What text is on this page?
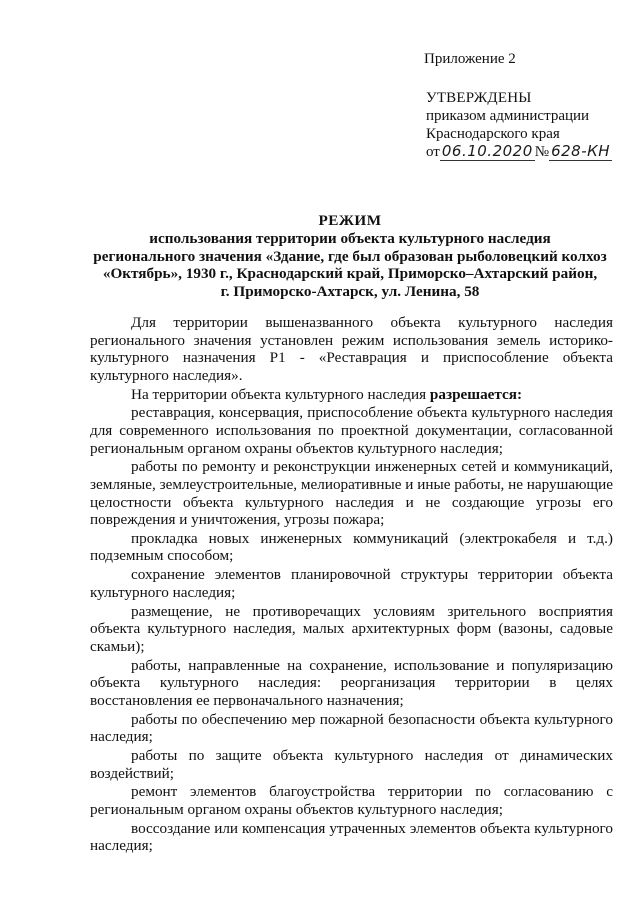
Приложение 2
УТВЕРЖДЕНЫ
приказом администрации
Краснодарского края
от 06.10.2020 № 628-КН
РЕЖИМ
использования территории объекта культурного наследия
регионального значения «Здание, где был образован рыболовецкий колхоз
«Октябрь», 1930 г., Краснодарский край, Приморско–Ахтарский район,
г. Приморско-Ахтарск, ул. Ленина, 58

Для территории вышеназванного объекта культурного наследия регионального значения установлен режим использования земель историко-культурного назначения Р1 - «Реставрация и приспособление объекта культурного наследия».

На территории объекта культурного наследия разрешается:

реставрация, консервация, приспособление объекта культурного наследия для современного использования по проектной документации, согласованной региональным органом охраны объектов культурного наследия;

работы по ремонту и реконструкции инженерных сетей и коммуникаций, земляные, землеустроительные, мелиоративные и иные работы, не нарушающие целостности объекта культурного наследия и не создающие угрозы его повреждения и уничтожения, угрозы пожара;

прокладка новых инженерных коммуникаций (электрокабеля и т.д.) подземным способом;

сохранение элементов планировочной структуры территории объекта культурного наследия;

размещение, не противоречащих условиям зрительного восприятия объекта культурного наследия, малых архитектурных форм (вазоны, садовые скамьи);

работы, направленные на сохранение, использование и популяризацию объекта культурного наследия: реорганизация территории в целях восстановления ее первоначального назначения;

работы по обеспечению мер пожарной безопасности объекта культурного наследия;

работы по защите объекта культурного наследия от динамических воздействий;

ремонт элементов благоустройства территории по согласованию с региональным органом охраны объектов культурного наследия;

воссоздание или компенсация утраченных элементов объекта культурного наследия;
